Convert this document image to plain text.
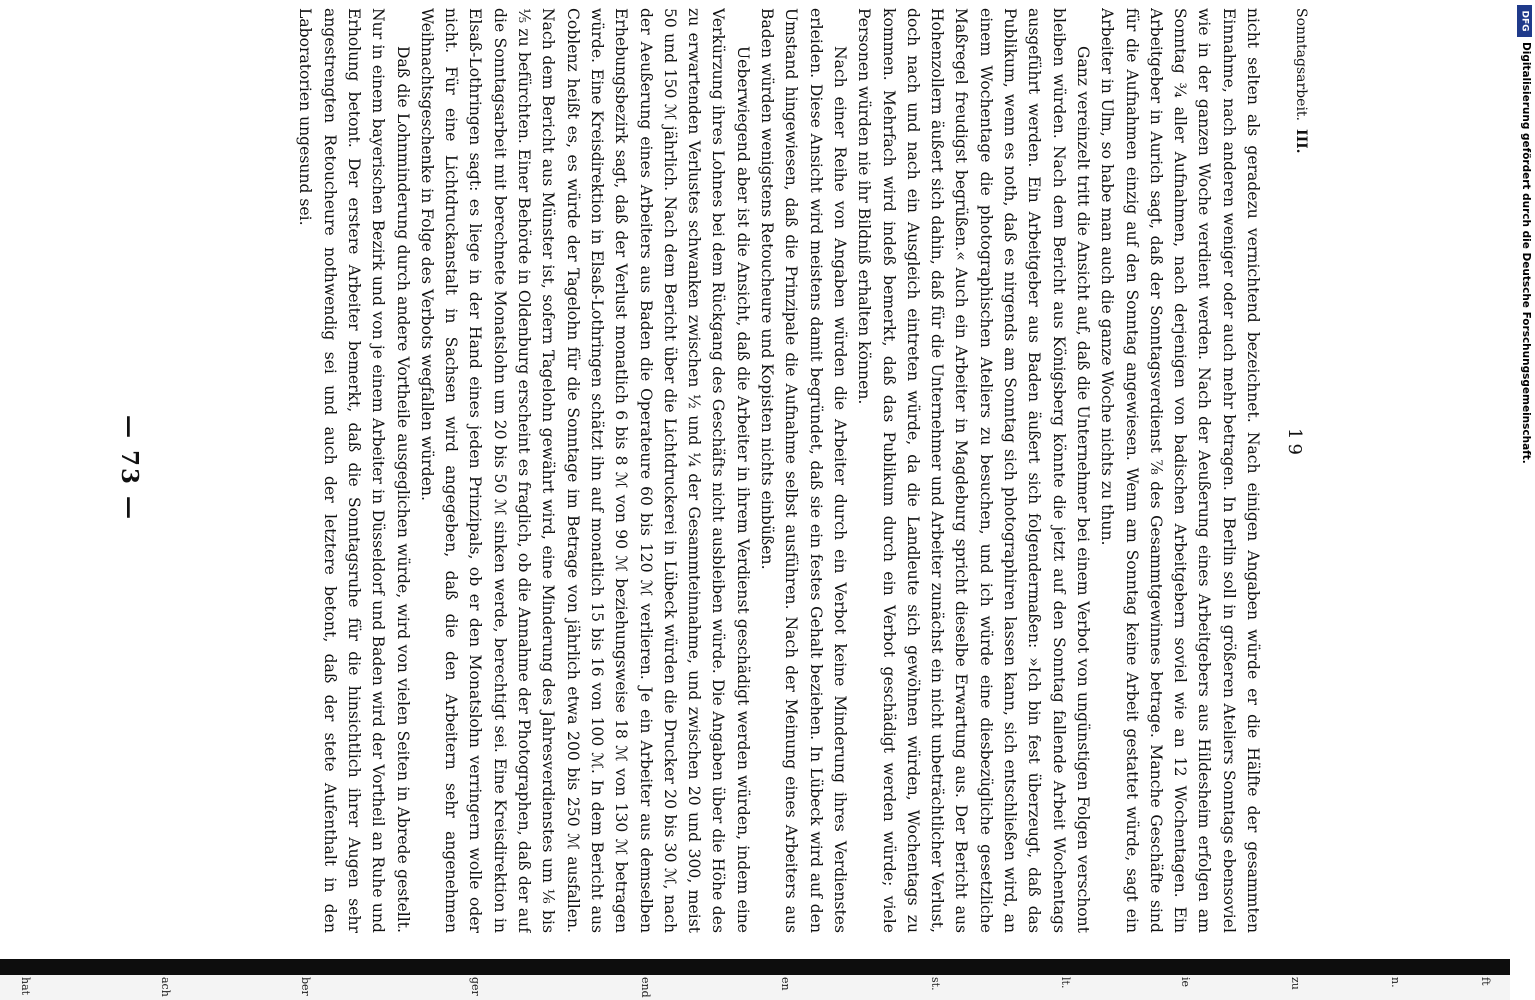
Sonntagsarbeit.III.
19

nicht selten als geradezu vernichtend bezeichnet. Nach einigen Angaben würde er die Hälfte der gesammten Einnahme, nach anderen weniger oder auch mehr betragen. In Berlin soll in größeren Ateliers Sonntags ebensoviel wie in der ganzen Woche verdient werden. Nach der Aeußerung eines Arbeitgebers aus Hildesheim erfolgen am Sonntag ¾ aller Aufnahmen, nach derjenigen von badischen Arbeitgebern soviel wie an 12 Wochentagen. Ein Arbeitgeber in Aurich sagt, daß der Sonntagsverdienst ⅞ des Gesammtgewinnes betrage. Manche Geschäfte sind für die Aufnahmen einzig auf den Sonntag angewiesen. Wenn am Sonntag keine Arbeit gestattet würde, sagt ein Arbeiter in Ulm, so habe man auch die ganze Woche nichts zu thun.

Ganz vereinzelt tritt die Ansicht auf, daß die Unternehmer bei einem Verbot von ungünstigen Folgen verschont bleiben würden. Nach dem Bericht aus Königsberg könnte die jetzt auf den Sonntag fallende Arbeit Wochentags ausgeführt werden. Ein Arbeitgeber aus Baden äußert sich folgendermaßen: »Ich bin fest überzeugt, daß das Publikum, wenn es noth, daß es nirgends am Sonntag sich photographiren lassen kann, sich entschließen wird, an einem Wochentage die photographischen Ateliers zu besuchen, und ich würde eine diesbezügliche gesetzliche Maßregel freudigst begrüßen.« Auch ein Arbeiter in Magdeburg spricht dieselbe Erwartung aus. Der Bericht aus Hohenzollern äußert sich dahin, daß für die Unternehmer und Arbeiter zunächst ein nicht unbeträchtlicher Verlust, doch nach und nach ein Ausgleich eintreten würde, da die Landleute sich gewöhnen würden, Wochentags zu kommen. Mehrfach wird indeß bemerkt, daß das Publikum durch ein Verbot geschädigt werden würde; viele Personen würden nie ihr Bildniß erhalten können.

Nach einer Reihe von Angaben würden die Arbeiter durch ein Verbot keine Minderung ihres Verdienstes erleiden. Diese Ansicht wird meistens damit begründet, daß sie ein festes Gehalt beziehen. In Lübeck wird auf den Umstand hingewiesen, daß die Prinzipale die Aufnahme selbst ausführen. Nach der Meinung eines Arbeiters aus Baden würden wenigstens Retoucheure und Kopisten nichts einbüßen.

Ueberwiegend aber ist die Ansicht, daß die Arbeiter in ihrem Verdienst geschädigt werden würden, indem eine Verkürzung ihres Lohnes bei dem Rückgang des Geschäfts nicht ausbleiben würde. Die Angaben über die Höhe des zu erwartenden Verlustes schwanken zwischen ½ und ¼ der Gesammteinnahme, und zwischen 20 und 300, meist 50 und 150 ℳ jährlich. Nach dem Bericht über die Lichtdruckerei in Lübeck würden die Drucker 20 bis 30 ℳ, nach der Aeußerung eines Arbeiters aus Baden die Operateure 60 bis 120 ℳ verlieren. Je ein Arbeiter aus demselben Erhebungsbezirk sagt, daß der Verlust monatlich 6 bis 8 ℳ von 90 ℳ beziehungsweise 18 ℳ von 130 ℳ betragen würde. Eine Kreisdirektion in Elsaß-Lothringen schätzt ihn auf monatlich 15 bis 16 von 100 ℳ. In dem Bericht aus Coblenz heißt es, es würde der Tagelohn für die Sonntage im Betrage von jährlich etwa 200 bis 250 ℳ ausfallen. Nach dem Bericht aus Münster ist, sofern Tagelohn gewährt wird, eine Minderung des Jahresverdienstes um ⅙ bis ⅕ zu befürchten. Einer Behörde in Oldenburg erscheint es fraglich, ob die Annahme der Photographen, daß der auf die Sonntagsarbeit mit berechnete Monatslohn um 20 bis 50 ℳ sinken werde, berechtigt sei. Eine Kreisdirektion in Elsaß-Lothringen sagt: es liege in der Hand eines jeden Prinzipals, ob er den Monatslohn verringern wolle oder nicht. Für eine Lichtdruckanstalt in Sachsen wird angegeben, daß die den Arbeitern sehr angenehmen Weihnachtsgeschenke in Folge des Verbots wegfallen würden.

Daß die Lohnminderung durch andere Vortheile ausgeglichen würde, wird von vielen Seiten in Abrede gestellt. Nur in einem bayerischen Bezirk und von je einem Arbeiter in Düsseldorf und Baden wird der Vortheil an Ruhe und Erholung betont. Der erstere Arbeiter bemerkt, daß die Sonntagsruhe für die hinsichtlich ihrer Augen sehr angestrengten Retoucheure nothwendig sei und auch der letztere betont, daß der stete Aufenthalt in den Laboratorien ungesund sei.

— 73 —
hat	ach	ber	ger	end	en	st.	lt.	ie	zu	n.	ft
DFG
Digitalisierung gefördert durch die Deutsche Forschungsgemeinschaft.
